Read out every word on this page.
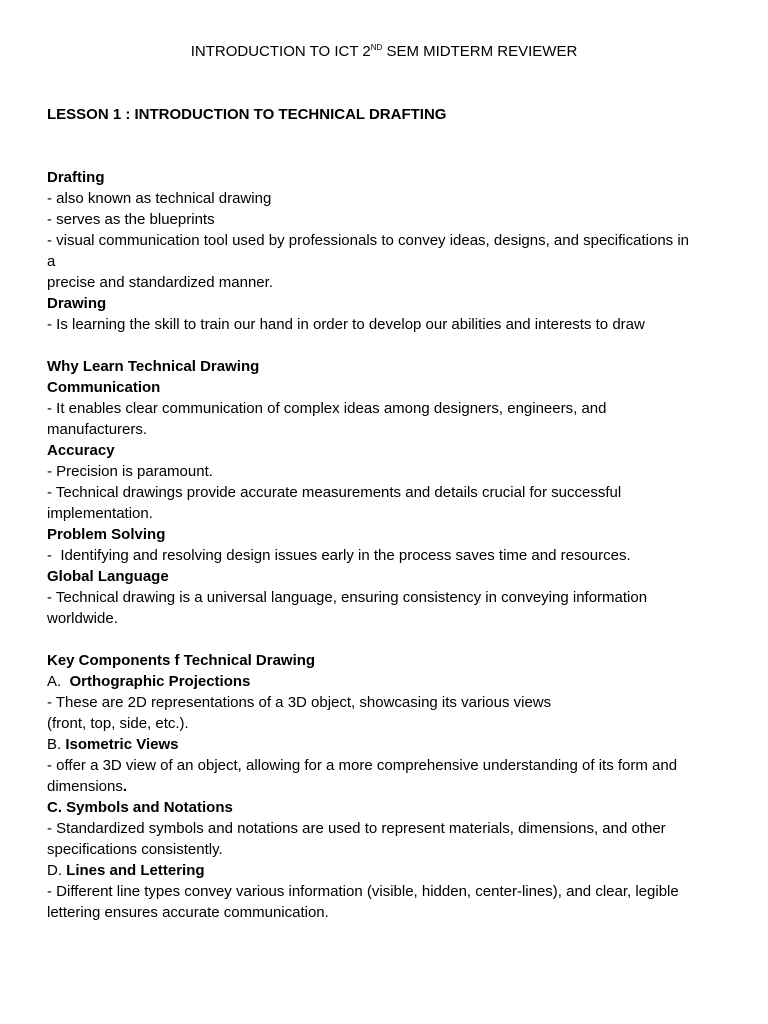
INTRODUCTION TO ICT 2ND SEM MIDTERM REVIEWER
LESSON 1 : INTRODUCTION TO TECHNICAL DRAFTING
Drafting
- also known as technical drawing
- serves as the blueprints
- visual communication tool used by professionals to convey ideas, designs, and specifications in
a
precise and standardized manner.
Drawing
- Is learning the skill to train our hand in order to develop our abilities and interests to draw
Why Learn Technical Drawing
Communication
- It enables clear communication of complex ideas among designers, engineers, and
manufacturers.
Accuracy
- Precision is paramount.
- Technical drawings provide accurate measurements and details crucial for successful
implementation.
Problem Solving
-  Identifying and resolving design issues early in the process saves time and resources.
Global Language
- Technical drawing is a universal language, ensuring consistency in conveying information
worldwide.
Key Components f Technical Drawing
A.  Orthographic Projections
- These are 2D representations of a 3D object, showcasing its various views
(front, top, side, etc.).
B. Isometric Views
- offer a 3D view of an object, allowing for a more comprehensive understanding of its form and
dimensions.
C. Symbols and Notations
- Standardized symbols and notations are used to represent materials, dimensions, and other
specifications consistently.
D. Lines and Lettering
- Different line types convey various information (visible, hidden, center-lines), and clear, legible
lettering ensures accurate communication.
